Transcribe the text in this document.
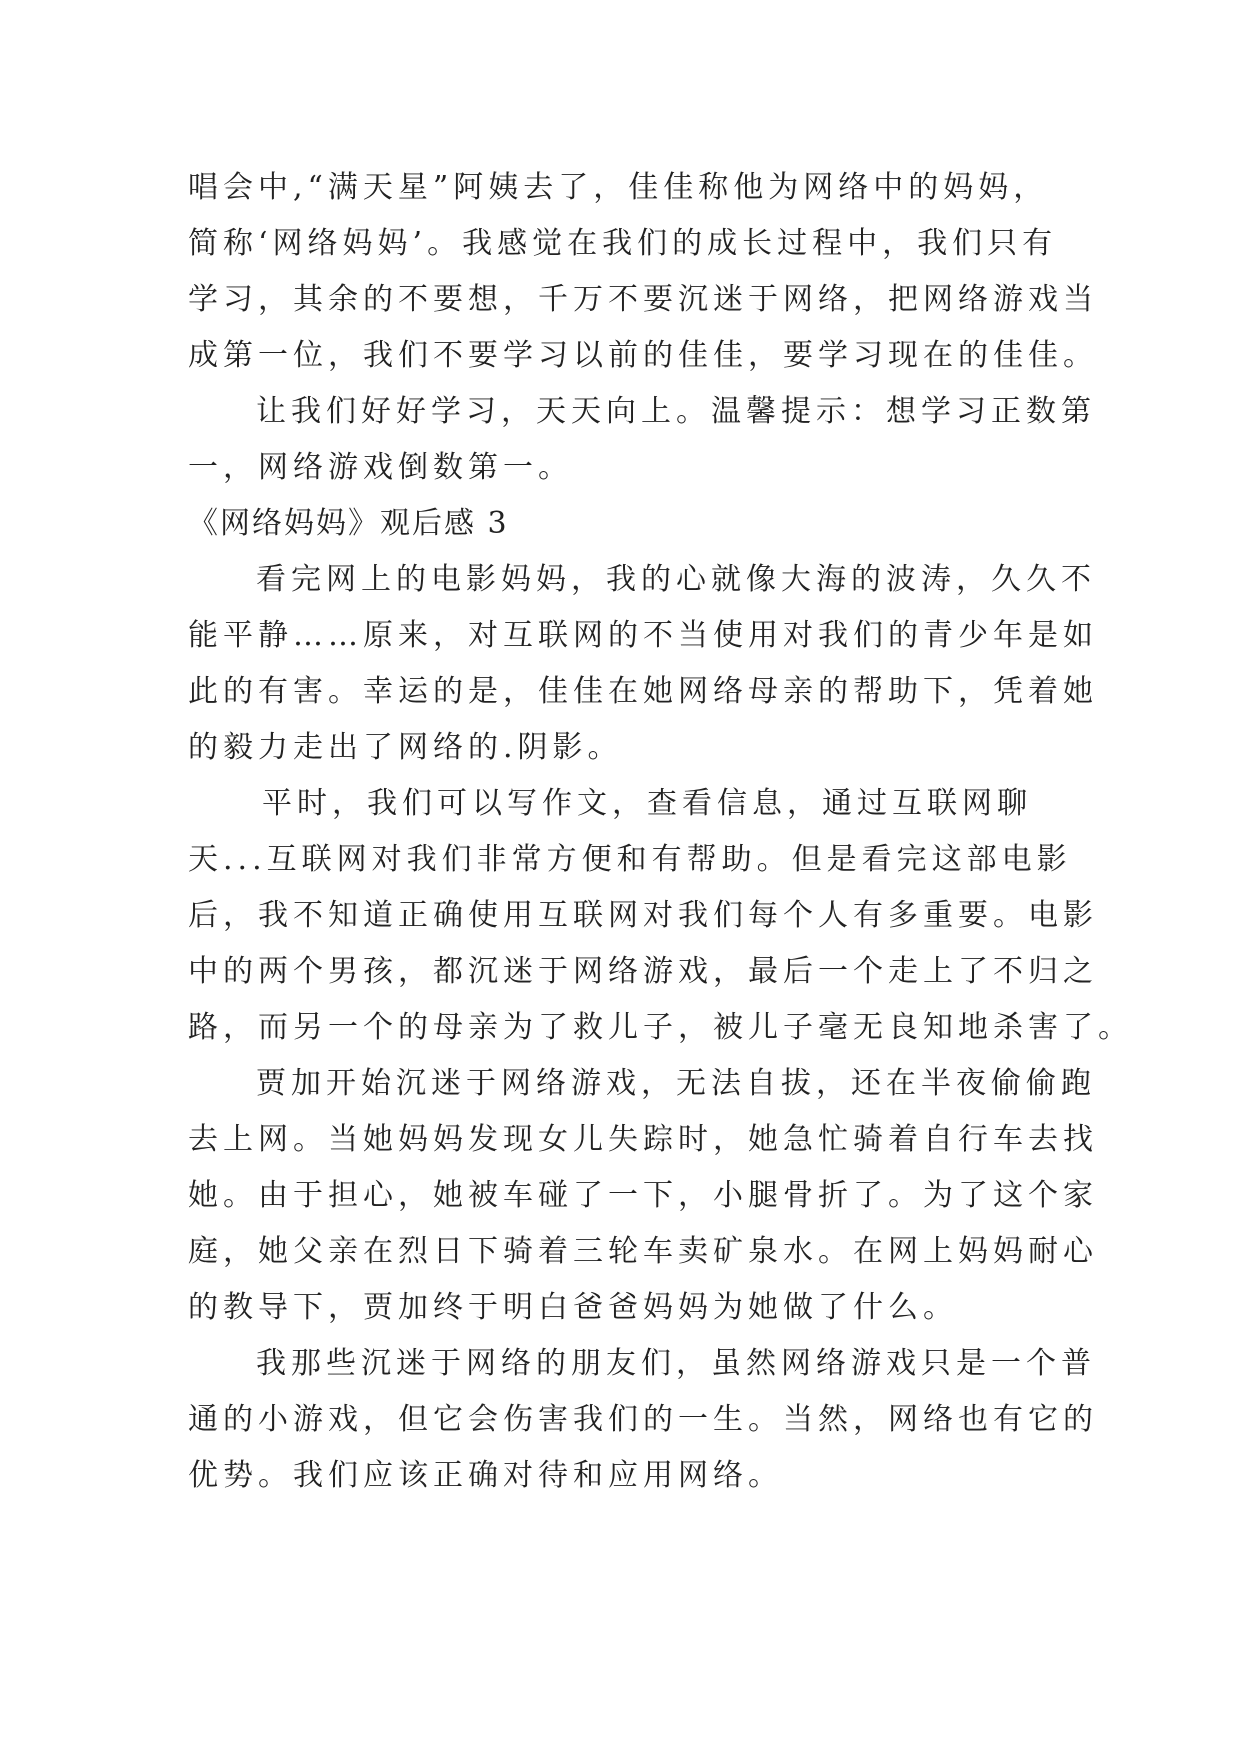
唱会中,“满天星”阿姨去了，佳佳称他为网络中的妈妈，
简称‘网络妈妈’。我感觉在我们的成长过程中，我们只有
学习，其余的不要想，千万不要沉迷于网络，把网络游戏当
成第一位，我们不要学习以前的佳佳，要学习现在的佳佳。
让我们好好学习，天天向上。温馨提示：想学习正数第
一，网络游戏倒数第一。
《网络妈妈》观后感 3
看完网上的电影妈妈，我的心就像大海的波涛，久久不
能平静……原来，对互联网的不当使用对我们的青少年是如
此的有害。幸运的是，佳佳在她网络母亲的帮助下，凭着她
的毅力走出了网络的.阴影。
平时，我们可以写作文，查看信息，通过互联网聊
天...互联网对我们非常方便和有帮助。但是看完这部电影
后，我不知道正确使用互联网对我们每个人有多重要。电影
中的两个男孩，都沉迷于网络游戏，最后一个走上了不归之
路，而另一个的母亲为了救儿子，被儿子毫无良知地杀害了。
贾加开始沉迷于网络游戏，无法自拔，还在半夜偷偷跑
去上网。当她妈妈发现女儿失踪时，她急忙骑着自行车去找
她。由于担心，她被车碰了一下，小腿骨折了。为了这个家
庭，她父亲在烈日下骑着三轮车卖矿泉水。在网上妈妈耐心
的教导下，贾加终于明白爸爸妈妈为她做了什么。
我那些沉迷于网络的朋友们，虽然网络游戏只是一个普
通的小游戏，但它会伤害我们的一生。当然，网络也有它的
优势。我们应该正确对待和应用网络。
